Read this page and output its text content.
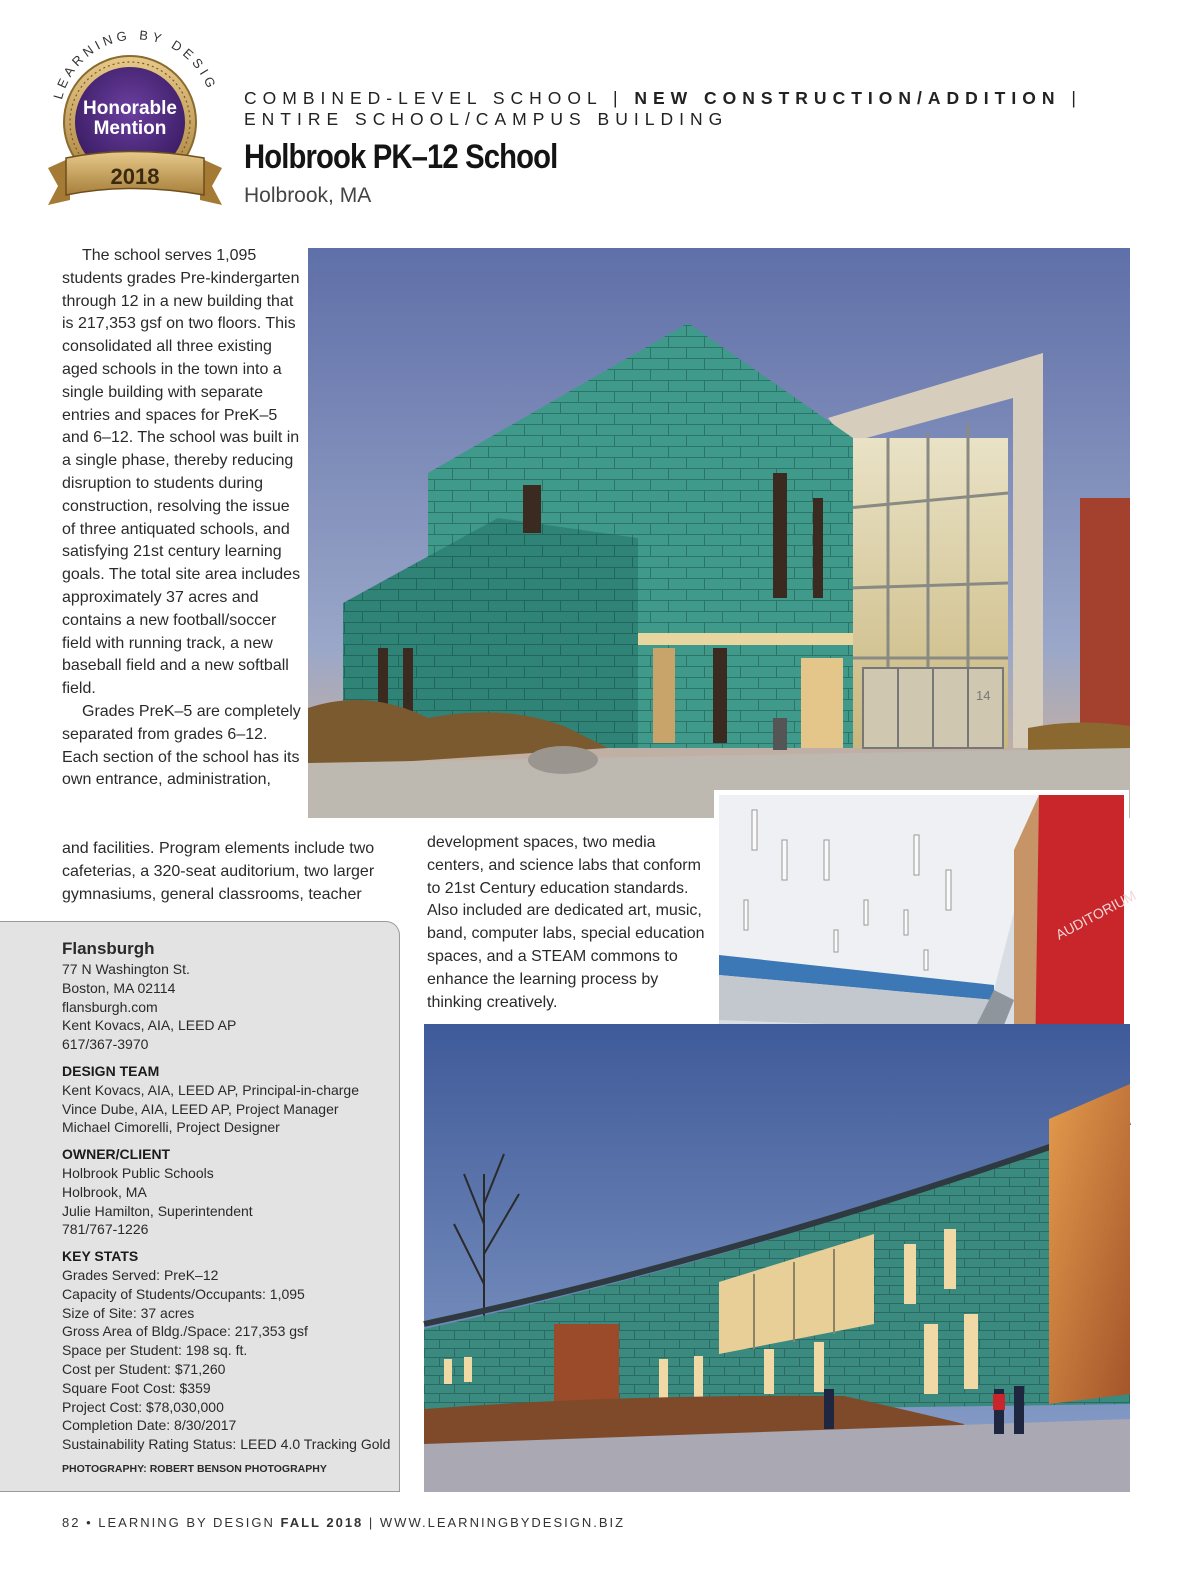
LEARNING BY DESIG
Honorable
Mention
2018
COMBINED-LEVEL SCHOOL | NEW CONSTRUCTION/ADDITION |
ENTIRE SCHOOL/CAMPUS BUILDING
Holbrook PK–12 School
Holbrook, MA

The school serves 1,095 students grades Pre-kindergarten through 12 in a new building that is 217,353 gsf on two floors. This consolidated all three existing aged schools in the town into a single building with separate entries and spaces for PreK–5 and 6–12. The school was built in a single phase, thereby reducing disruption to students during construction, resolving the issue of three antiquated schools, and satisfying 21st century learning goals. The total site area includes approximately 37 acres and contains a new football/soccer field with running track, a new baseball field and a new softball field.
Grades PreK–5 are completely separated from grades 6–12. Each section of the school has its own entrance, administration,

and facilities. Program elements include two cafeterias, a 320-seat auditorium, two larger gymnasiums, general classrooms, teacher

development spaces, two media centers, and science labs that conform to 21st Century education standards. Also included are dedicated art, music, band, computer labs, special education spaces, and a STEAM commons to enhance the learning process by thinking creatively.

14
AUDITORIUM
Flansburgh
77 N Washington St.
Boston, MA 02114
flansburgh.com
Kent Kovacs, AIA, LEED AP
617/367-3970
DESIGN TEAM
Kent Kovacs, AIA, LEED AP, Principal-in-charge
Vince Dube, AIA, LEED AP, Project Manager
Michael Cimorelli, Project Designer
OWNER/CLIENT
Holbrook Public Schools
Holbrook, MA
Julie Hamilton, Superintendent
781/767-1226
KEY STATS
Grades Served: PreK–12
Capacity of Students/Occupants: 1,095
Size of Site: 37 acres
Gross Area of Bldg./Space: 217,353 gsf
Space per Student: 198 sq. ft.
Cost per Student: $71,260
Square Foot Cost: $359
Project Cost: $78,030,000
Completion Date: 8/30/2017
Sustainability Rating Status: LEED 4.0 Tracking Gold
PHOTOGRAPHY: ROBERT BENSON PHOTOGRAPHY
82 • LEARNING BY DESIGN FALL 2018 | WWW.LEARNINGBYDESIGN.BIZ
